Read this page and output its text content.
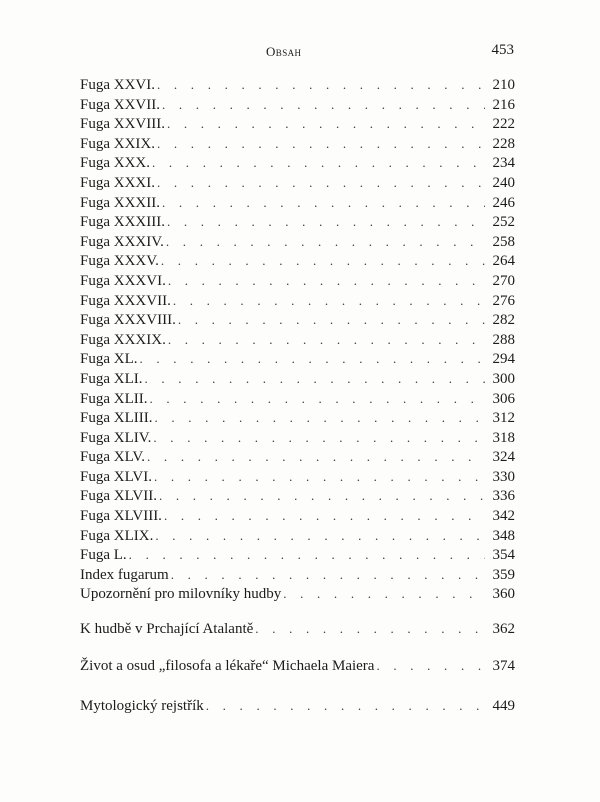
Obsah	453
Fuga XXVI. . . .	210
Fuga XXVII. . . .	216
Fuga XXVIII. . . .	222
Fuga XXIX. . . .	228
Fuga XXX. . . .	234
Fuga XXXI. . . .	240
Fuga XXXII. . . .	246
Fuga XXXIII. . . .	252
Fuga XXXIV. . . .	258
Fuga XXXV. . . .	264
Fuga XXXVI. . . .	270
Fuga XXXVII. . . .	276
Fuga XXXVIII. . . .	282
Fuga XXXIX. . . .	288
Fuga XL. . . .	294
Fuga XLI. . . .	300
Fuga XLII. . . .	306
Fuga XLIII. . . .	312
Fuga XLIV. . . .	318
Fuga XLV. . . .	324
Fuga XLVI. . . .	330
Fuga XLVII. . . .	336
Fuga XLVIII. . . .	342
Fuga XLIX. . . .	348
Fuga L. . . .	354
Index fugarum . . .	359
Upozornění pro milovníky hudby . . .	360
K hudbě v Prchající Atalantě . . .	362
Život a osud „filosofa a lékaře“ Michaela Maiera . . .	374
Mytologický rejstřík . . .	449
